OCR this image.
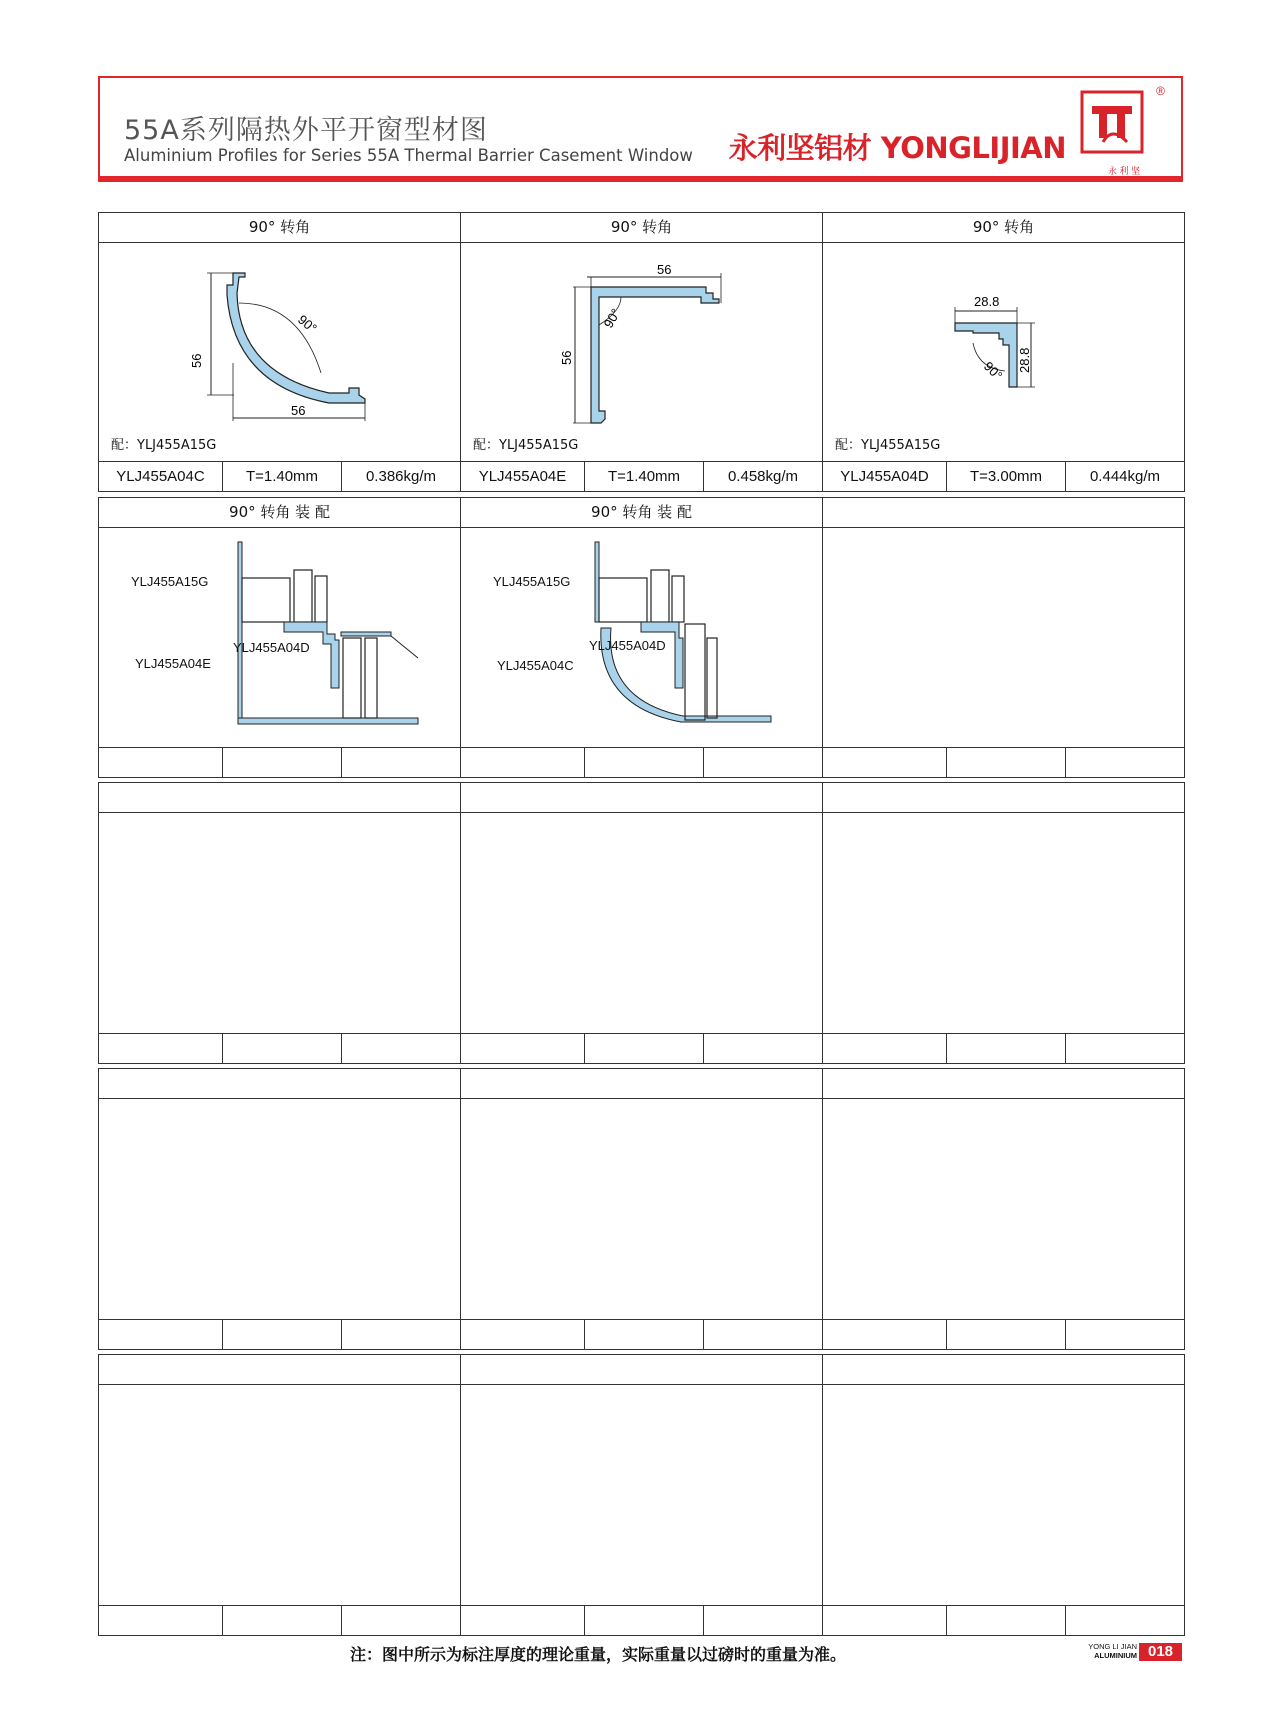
55A系列隔热外平开窗型材图
Aluminium Profiles for Series 55A Thermal Barrier Casement Window 永利坚铝材 YONGLIJIAN
永 利 坚
®
90° 转角
56
56
90°
配：YLJ455A15G
YLJ455A04C	T=1.40mm	0.386kg/m
90° 转角
56
56
90°
配：YLJ455A15G
YLJ455A04E	T=1.40mm	0.458kg/m
90° 转角
28.8
28.8
90°
配：YLJ455A15G
YLJ455A04D	T=3.00mm	0.444kg/m
90° 转角 装 配
YLJ455A15G
YLJ455A04D
YLJ455A04E
90° 转角 装 配
YLJ455A15G
YLJ455A04D
YLJ455A04C
注：图中所示为标注厚度的理论重量，实际重量以过磅时的重量为准。	YONG LI JIAN
ALUMINIUM 018
